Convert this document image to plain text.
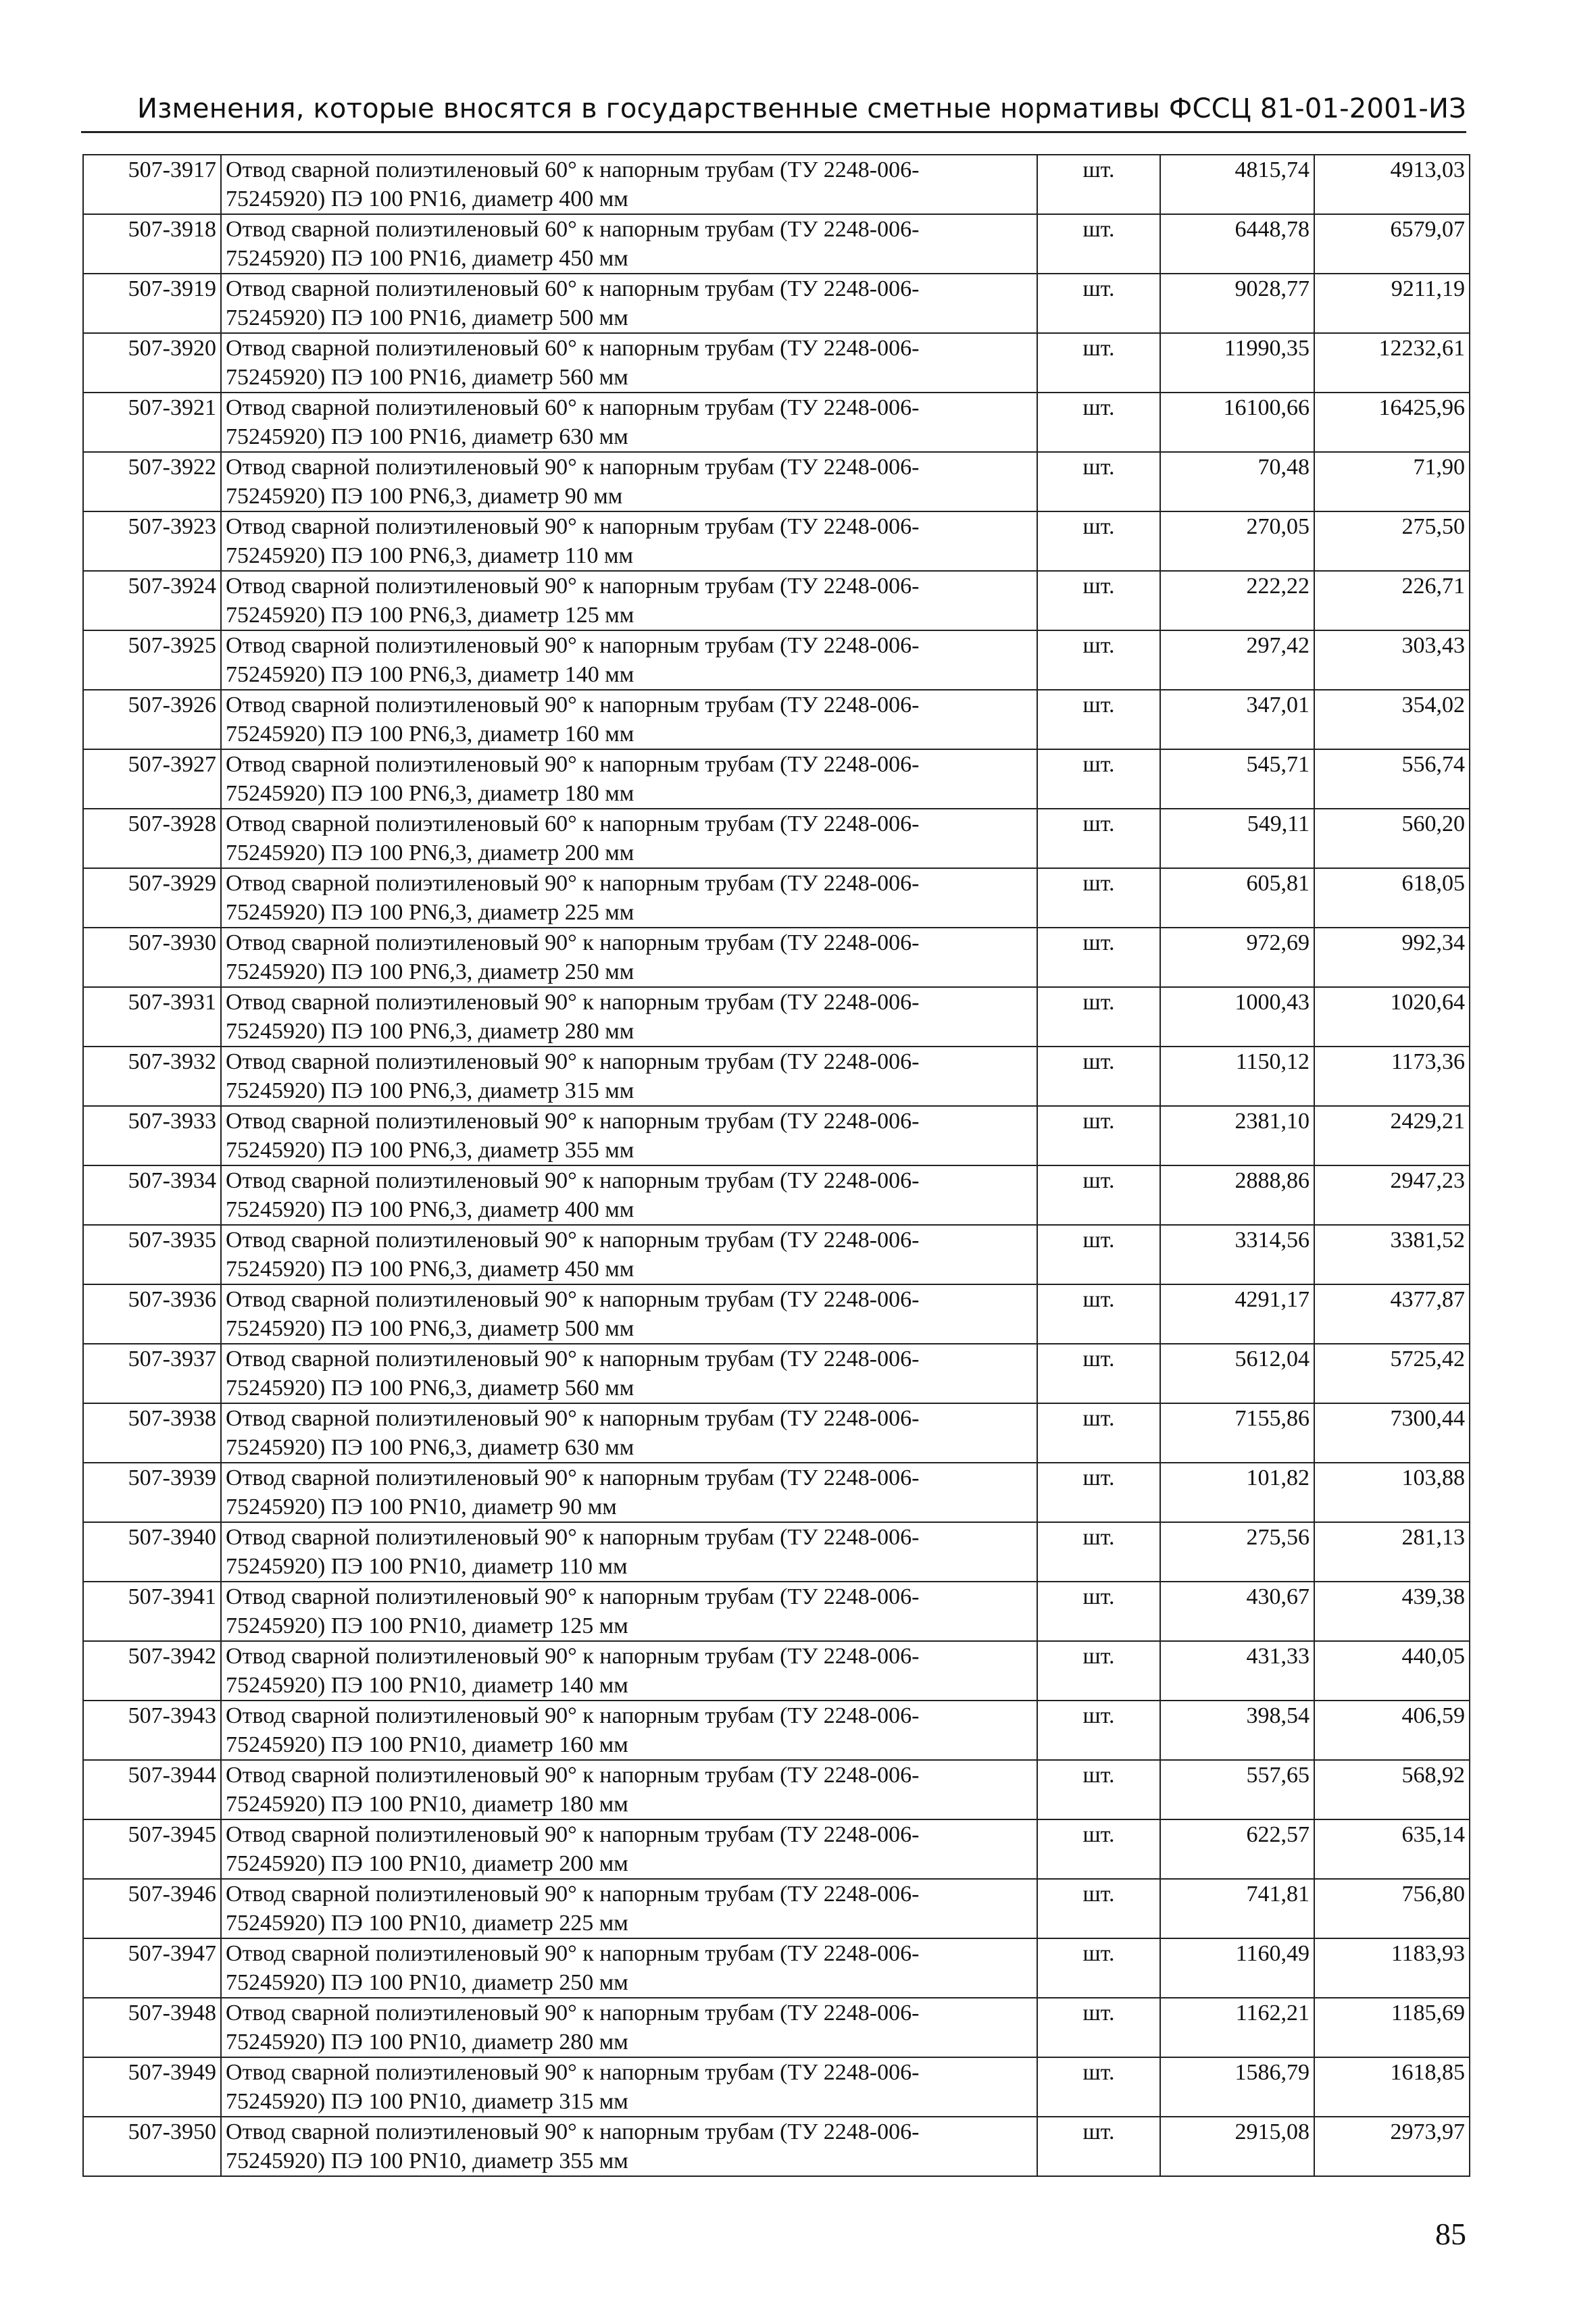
Изменения, которые вносятся в государственные сметные нормативы ФССЦ 81-01-2001-ИЗ
507-3917	Отвод сварной полиэтиленовый 60° к напорным трубам (ТУ 2248-006-
75245920) ПЭ 100 PN16, диаметр 400 мм	шт.	4815,74	4913,03
507-3918	Отвод сварной полиэтиленовый 60° к напорным трубам (ТУ 2248-006-
75245920) ПЭ 100 PN16, диаметр 450 мм	шт.	6448,78	6579,07
507-3919	Отвод сварной полиэтиленовый 60° к напорным трубам (ТУ 2248-006-
75245920) ПЭ 100 PN16, диаметр 500 мм	шт.	9028,77	9211,19
507-3920	Отвод сварной полиэтиленовый 60° к напорным трубам (ТУ 2248-006-
75245920) ПЭ 100 PN16, диаметр 560 мм	шт.	11990,35	12232,61
507-3921	Отвод сварной полиэтиленовый 60° к напорным трубам (ТУ 2248-006-
75245920) ПЭ 100 PN16, диаметр 630 мм	шт.	16100,66	16425,96
507-3922	Отвод сварной полиэтиленовый 90° к напорным трубам (ТУ 2248-006-
75245920) ПЭ 100 PN6,3, диаметр 90 мм	шт.	70,48	71,90
507-3923	Отвод сварной полиэтиленовый 90° к напорным трубам (ТУ 2248-006-
75245920) ПЭ 100 PN6,3, диаметр 110 мм	шт.	270,05	275,50
507-3924	Отвод сварной полиэтиленовый 90° к напорным трубам (ТУ 2248-006-
75245920) ПЭ 100 PN6,3, диаметр 125 мм	шт.	222,22	226,71
507-3925	Отвод сварной полиэтиленовый 90° к напорным трубам (ТУ 2248-006-
75245920) ПЭ 100 PN6,3, диаметр 140 мм	шт.	297,42	303,43
507-3926	Отвод сварной полиэтиленовый 90° к напорным трубам (ТУ 2248-006-
75245920) ПЭ 100 PN6,3, диаметр 160 мм	шт.	347,01	354,02
507-3927	Отвод сварной полиэтиленовый 90° к напорным трубам (ТУ 2248-006-
75245920) ПЭ 100 PN6,3, диаметр 180 мм	шт.	545,71	556,74
507-3928	Отвод сварной полиэтиленовый 60° к напорным трубам (ТУ 2248-006-
75245920) ПЭ 100 PN6,3, диаметр 200 мм	шт.	549,11	560,20
507-3929	Отвод сварной полиэтиленовый 90° к напорным трубам (ТУ 2248-006-
75245920) ПЭ 100 PN6,3, диаметр 225 мм	шт.	605,81	618,05
507-3930	Отвод сварной полиэтиленовый 90° к напорным трубам (ТУ 2248-006-
75245920) ПЭ 100 PN6,3, диаметр 250 мм	шт.	972,69	992,34
507-3931	Отвод сварной полиэтиленовый 90° к напорным трубам (ТУ 2248-006-
75245920) ПЭ 100 PN6,3, диаметр 280 мм	шт.	1000,43	1020,64
507-3932	Отвод сварной полиэтиленовый 90° к напорным трубам (ТУ 2248-006-
75245920) ПЭ 100 PN6,3, диаметр 315 мм	шт.	1150,12	1173,36
507-3933	Отвод сварной полиэтиленовый 90° к напорным трубам (ТУ 2248-006-
75245920) ПЭ 100 PN6,3, диаметр 355 мм	шт.	2381,10	2429,21
507-3934	Отвод сварной полиэтиленовый 90° к напорным трубам (ТУ 2248-006-
75245920) ПЭ 100 PN6,3, диаметр 400 мм	шт.	2888,86	2947,23
507-3935	Отвод сварной полиэтиленовый 90° к напорным трубам (ТУ 2248-006-
75245920) ПЭ 100 PN6,3, диаметр 450 мм	шт.	3314,56	3381,52
507-3936	Отвод сварной полиэтиленовый 90° к напорным трубам (ТУ 2248-006-
75245920) ПЭ 100 PN6,3, диаметр 500 мм	шт.	4291,17	4377,87
507-3937	Отвод сварной полиэтиленовый 90° к напорным трубам (ТУ 2248-006-
75245920) ПЭ 100 PN6,3, диаметр 560 мм	шт.	5612,04	5725,42
507-3938	Отвод сварной полиэтиленовый 90° к напорным трубам (ТУ 2248-006-
75245920) ПЭ 100 PN6,3, диаметр 630 мм	шт.	7155,86	7300,44
507-3939	Отвод сварной полиэтиленовый 90° к напорным трубам (ТУ 2248-006-
75245920) ПЭ 100 PN10, диаметр 90 мм	шт.	101,82	103,88
507-3940	Отвод сварной полиэтиленовый 90° к напорным трубам (ТУ 2248-006-
75245920) ПЭ 100 PN10, диаметр 110 мм	шт.	275,56	281,13
507-3941	Отвод сварной полиэтиленовый 90° к напорным трубам (ТУ 2248-006-
75245920) ПЭ 100 PN10, диаметр 125 мм	шт.	430,67	439,38
507-3942	Отвод сварной полиэтиленовый 90° к напорным трубам (ТУ 2248-006-
75245920) ПЭ 100 PN10, диаметр 140 мм	шт.	431,33	440,05
507-3943	Отвод сварной полиэтиленовый 90° к напорным трубам (ТУ 2248-006-
75245920) ПЭ 100 PN10, диаметр 160 мм	шт.	398,54	406,59
507-3944	Отвод сварной полиэтиленовый 90° к напорным трубам (ТУ 2248-006-
75245920) ПЭ 100 PN10, диаметр 180 мм	шт.	557,65	568,92
507-3945	Отвод сварной полиэтиленовый 90° к напорным трубам (ТУ 2248-006-
75245920) ПЭ 100 PN10, диаметр 200 мм	шт.	622,57	635,14
507-3946	Отвод сварной полиэтиленовый 90° к напорным трубам (ТУ 2248-006-
75245920) ПЭ 100 PN10, диаметр 225 мм	шт.	741,81	756,80
507-3947	Отвод сварной полиэтиленовый 90° к напорным трубам (ТУ 2248-006-
75245920) ПЭ 100 PN10, диаметр 250 мм	шт.	1160,49	1183,93
507-3948	Отвод сварной полиэтиленовый 90° к напорным трубам (ТУ 2248-006-
75245920) ПЭ 100 PN10, диаметр 280 мм	шт.	1162,21	1185,69
507-3949	Отвод сварной полиэтиленовый 90° к напорным трубам (ТУ 2248-006-
75245920) ПЭ 100 PN10, диаметр 315 мм	шт.	1586,79	1618,85
507-3950	Отвод сварной полиэтиленовый 90° к напорным трубам (ТУ 2248-006-
75245920) ПЭ 100 PN10, диаметр 355 мм	шт.	2915,08	2973,97
85
